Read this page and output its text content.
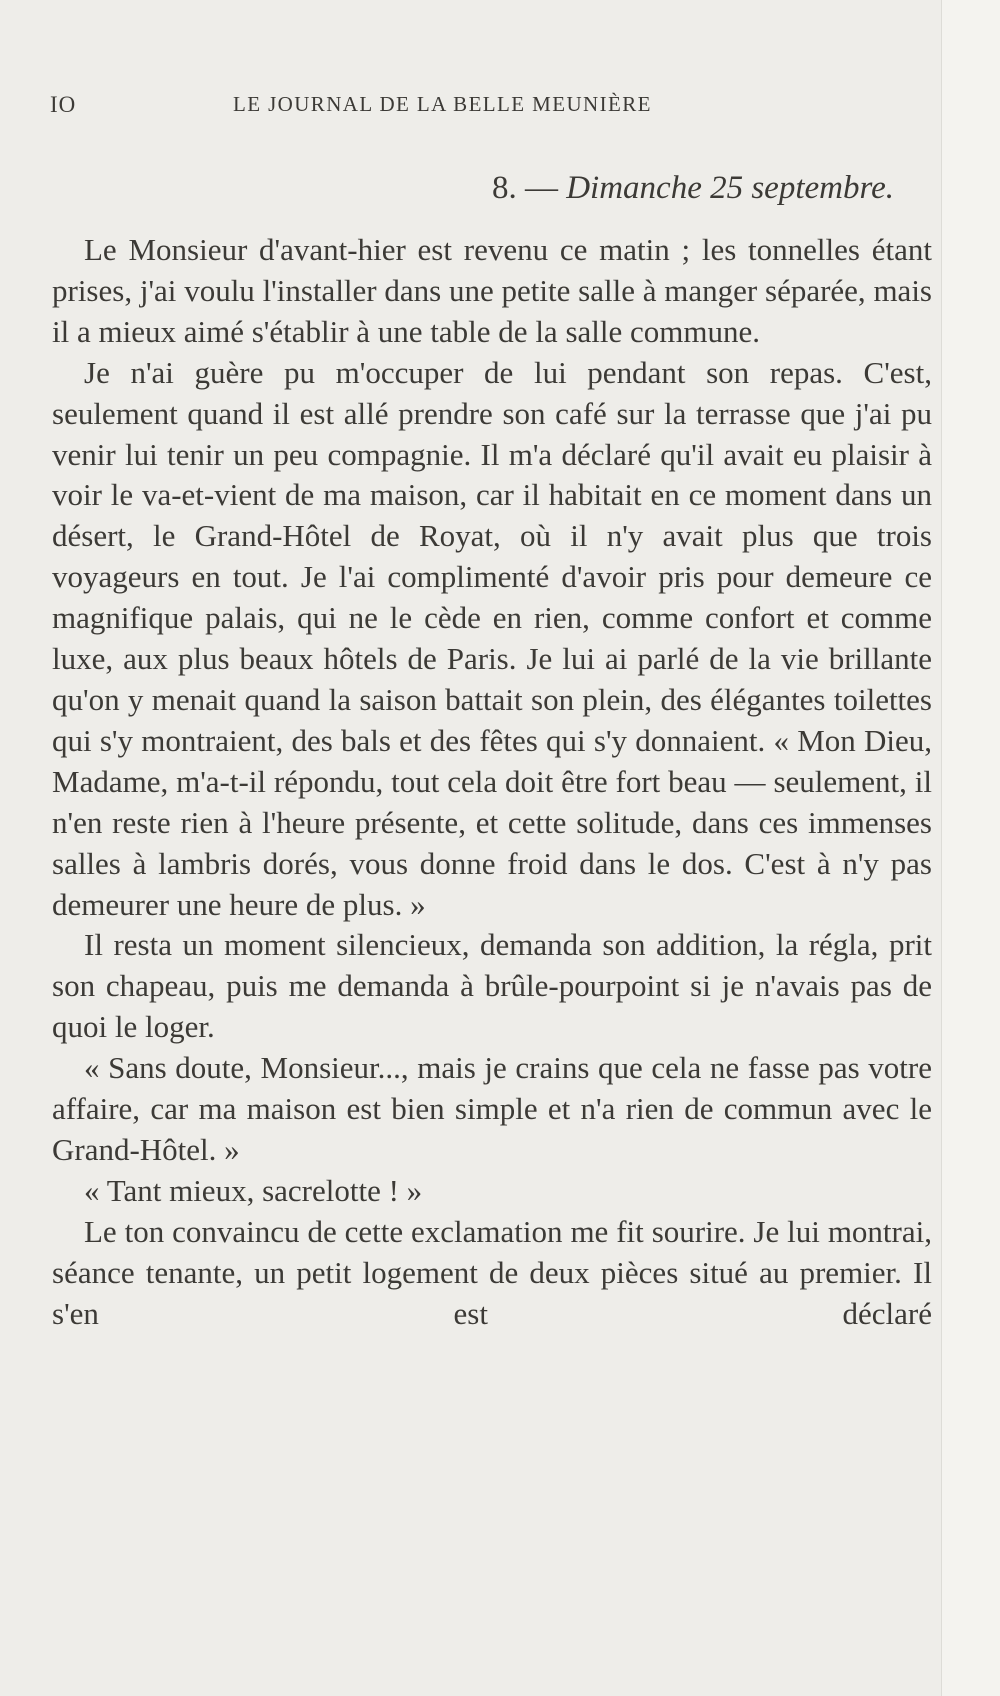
IO	LE JOURNAL DE LA BELLE MEUNIÈRE
8. — Dimanche 25 septembre.

Le Monsieur d'avant-hier est revenu ce matin ; les tonnelles étant prises, j'ai voulu l'installer dans une petite salle à manger séparée, mais il a mieux aimé s'établir à une table de la salle commune.

Je n'ai guère pu m'occuper de lui pendant son repas. C'est, seulement quand il est allé prendre son café sur la terrasse que j'ai pu venir lui tenir un peu compagnie. Il m'a déclaré qu'il avait eu plaisir à voir le va-et-vient de ma maison, car il habitait en ce moment dans un désert, le Grand-Hôtel de Royat, où il n'y avait plus que trois voyageurs en tout. Je l'ai complimenté d'avoir pris pour demeure ce magnifique palais, qui ne le cède en rien, comme confort et comme luxe, aux plus beaux hôtels de Paris. Je lui ai parlé de la vie brillante qu'on y menait quand la saison battait son plein, des élégantes toilettes qui s'y montraient, des bals et des fêtes qui s'y donnaient. « Mon Dieu, Madame, m'a-t-il répondu, tout cela doit être fort beau — seulement, il n'en reste rien à l'heure présente, et cette solitude, dans ces immenses salles à lambris dorés, vous donne froid dans le dos. C'est à n'y pas demeurer une heure de plus. »

Il resta un moment silencieux, demanda son addition, la régla, prit son chapeau, puis me demanda à brûle-pourpoint si je n'avais pas de quoi le loger.

« Sans doute, Monsieur..., mais je crains que cela ne fasse pas votre affaire, car ma maison est bien simple et n'a rien de commun avec le Grand-Hôtel. »

« Tant mieux, sacrelotte ! »

Le ton convaincu de cette exclamation me fit sourire. Je lui montrai, séance tenante, un petit logement de deux pièces situé au premier. Il s'en est déclaré
